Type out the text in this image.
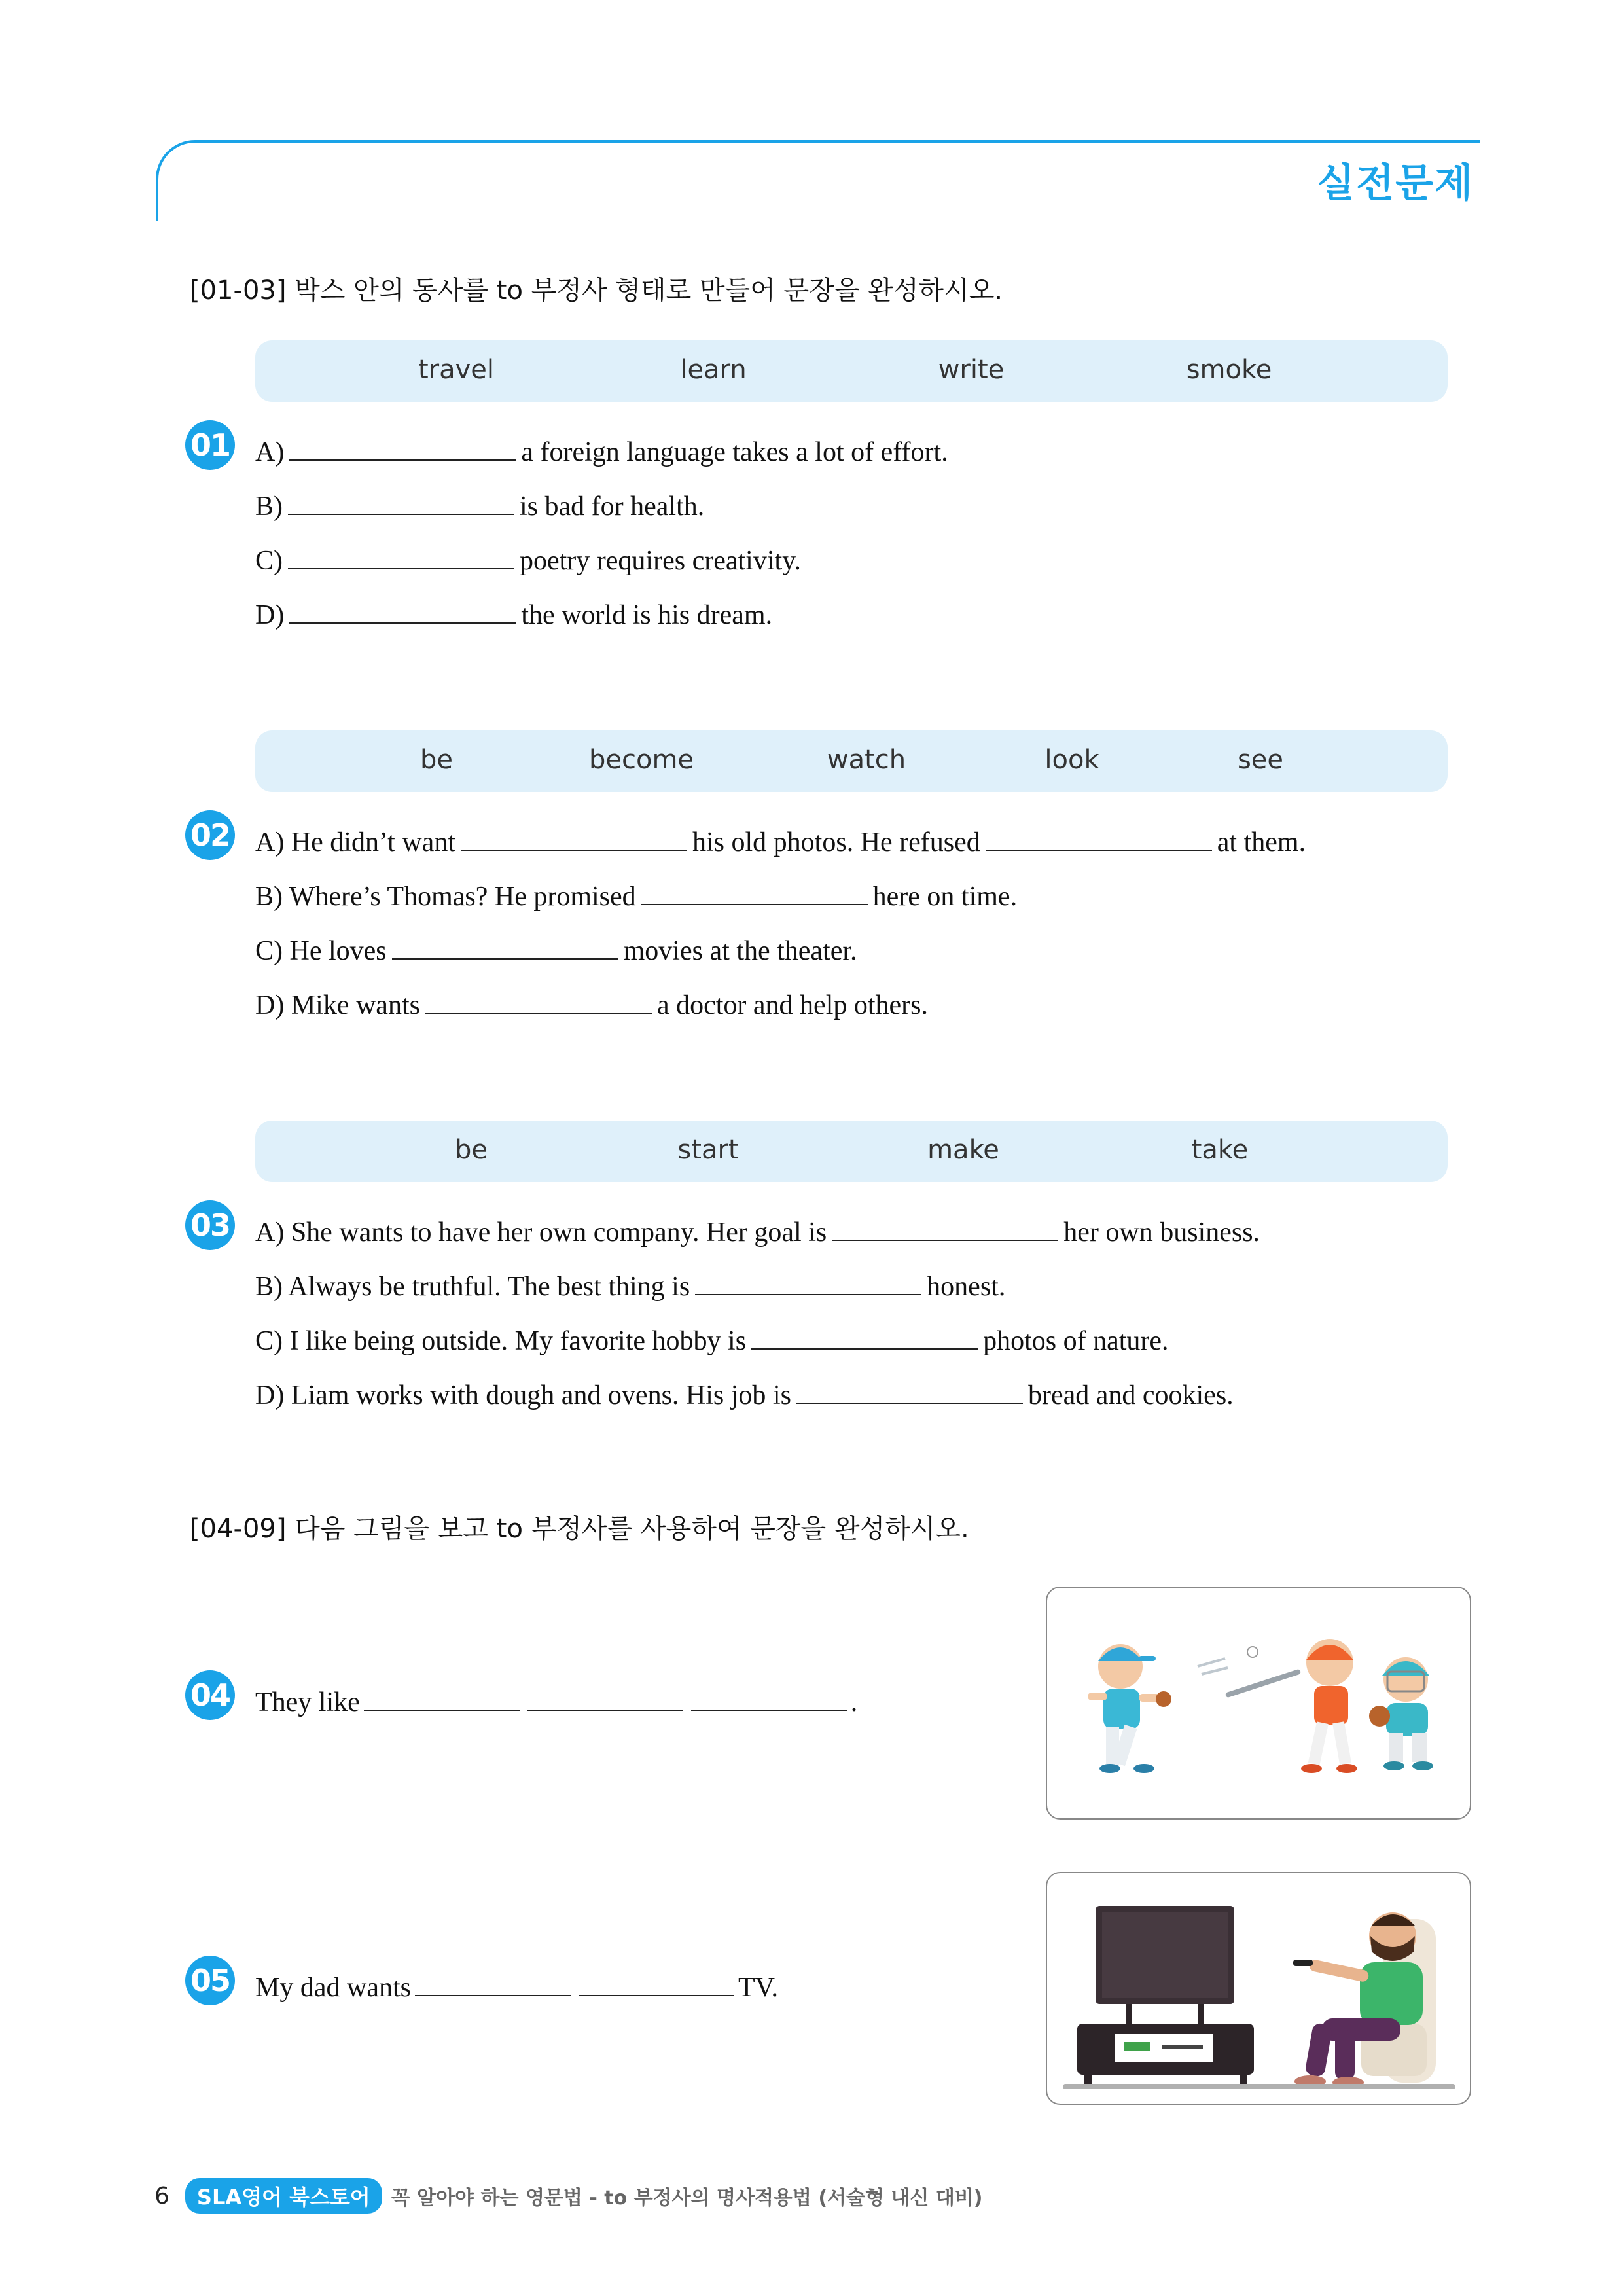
실전문제
[01-03] 박스 안의 동사를 to 부정사 형태로 만들어 문장을 완성하시오.
travel	learn	write	smoke
01 A)	a foreign language takes a lot of effort.
B)	is bad for health.
C)	poetry requires creativity.
D)	the world is his dream.
be	become	watch	look	see
02 A) He didn’t want	his old photos. He refused	at them.
B) Where’s Thomas? He promised	here on time.
C) He loves	movies at the theater.
D) Mike wants	a doctor and help others.
be	start	make	take
03 A) She wants to have her own company. Her goal is	her own business.
B) Always be truthful. The best thing is	honest.
C) I like being outside. My favorite hobby is	photos of nature.
D) Liam works with dough and ovens. His job is	bread and cookies.
[04-09] 다음 그림을 보고 to 부정사를 사용하여 문장을 완성하시오.
04 They like	.
05 My dad wants	TV.
6	SLA영어 북스토어	꼭 알아야 하는 영문법 - to 부정사의 명사적용법 (서술형 내신 대비)
